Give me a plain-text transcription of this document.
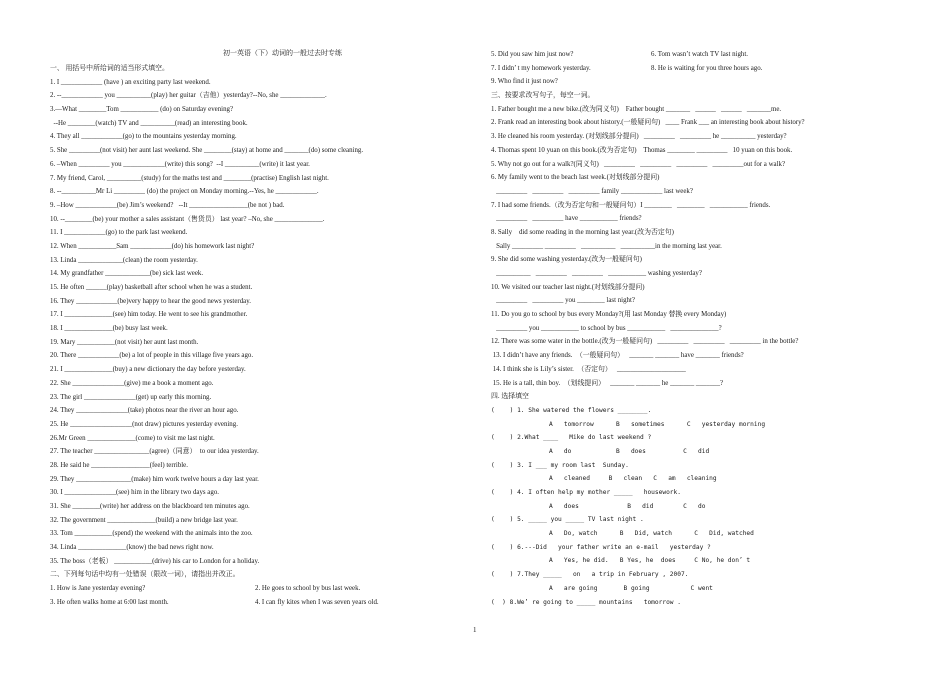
初一英语（下）动词的一般过去时专练
一、 用括号中所给词的适当形式填空。
1. I ____________ (have ) an exciting party last weekend.
2. --____________ you __________(play) her guitar（吉他）yesterday?--No, she _____________.
3.—What ________Tom ___________ (do) on Saturday evening?
--He ________(watch) TV and __________(read) an interesting book.
4. They all ____________(go) to the mountains yesterday morning.
5. She _________(not visit) her aunt last weekend. She ________(stay) at home and _______(do) some cleaning.
6. –When _________ you ____________(write) this song?  --I __________(write) it last year.
7. My friend, Carol, __________(study) for the maths test and ________(practise) English last night.
8. --__________Mr Li _________ (do) the project on Monday morning.--Yes, he ____________.
9. –How ____________(be) Jim’s weekend?   --It _________________(be not ) bad.
10. --________(be) your mother a sales assistant（售货员） last year? –No, she ______________.
11. I ____________(go) to the park last weekend.
12. When ___________Sam ____________(do) his homework last night?
13. Linda _____________(clean) the room yesterday.
14. My grandfather _____________(be) sick last week.
15. He often ______(play) basketball after school when he was a student.
16. They ____________(be)very happy to hear the good news yesterday.
17. I ______________(see) him today. He went to see his grandmother.
18. I ______________(be) busy last week.
19. Mary ___________(not visit) her aunt last month.
20. There ____________(be) a lot of people in this village five years ago.
21. I ______________(buy) a new dictionary the day before yesterday.
22. She _______________(give) me a book a moment ago.
23. The girl _______________(get) up early this morning.
24. They _______________(take) photos near the river an hour ago.
25. He __________________(not draw) pictures yesterday evening.
26.Mr Green ______________(come) to visit me last night.
27. The teacher ________________(agree)（同意）  to our idea yesterday.
28. He said he _________________(feel) terrible.
29. They ________________(make) him work twelve hours a day last year.
30. I _______________(see) him in the library two days ago.
31. She ________(write) her address on the blackboard ten minutes ago.
32. The government ______________(build) a new bridge last year.
33. Tom ___________(spend) the weekend with the animals into the zoo.
34. Linda ______________(know) the bad news right now.
35. The boss（老板） ___________(drive) his car to London for a holiday.
二、下列每句话中均有一处错误（限改一词），请指出并改正。
1. How is Jane yesterday evening?	2. He goes to school by bus last week.
3. He often walks home at 6:00 last month.	4. I can fly kites when I was seven years old.
5. Did you saw him just now?	6. Tom wasn’t watch TV last night.
7. I didn’ t my homework yesterday.	8. He is waiting for you three hours ago.
9. Who find it just now?
三、按要求改写句子，每空一词。
1. Father bought me a new bike.(改为同义句)    Father bought _______   ______   ______   _______me.
2. Frank read an interesting book about history.(一般疑问句)   ____ Frank ___ an interesting book about history?
3. He cleaned his room yesterday. (对划线部分提问)   _________   _________ he __________ yesterday?
4. Thomas spent 10 yuan on this book.(改为否定句)    Thomas ________ _________   10 yuan on this book.
5. Why not go out for a walk?(同义句)   _________   _________   _________   _________out for a walk?
6. My family went to the beach last week.(对划线部分提问)
_________   _________   _________ family ____________ last week?
7. I had some friends.（改为否定句和一般疑问句）I ________   ________   ___________ friends.
_________   _________ have ___________ friends?
8. Sally    did some reading in the morning last year.(改为否定句)
Sally _________ _________   __________   __________in the morning last year.
9. She did some washing yesterday.(改为一般疑问句)
__________   _________   _________   ___________ washing yesterday?
10. We visited our teacher last night.(对划线部分提问)
_________   _________ you ________ last night?
11. Do you go to school by bus every Monday?(用 last Monday 替换 every Monday)
_________ you ___________ to school by bus ___________   ______________?
12. There was some water in the bottle.(改为一般疑问句)   _________   _________   _________ in the bottle?
13. I didn’t have any friends.  （一般疑问句）   _______ _______ have _______ friends?
14. I think she is Lily’s sister.  （否定句）   ____________________
15. He is a tall, thin boy.  （划线提问）   _______ _______ he _______ _______?
四. 选择填空
(    ) 1. She watered the flowers ________.
A   tomorrow      B   sometimes      C   yesterday morning
(    ) 2.What ____   Mike do last weekend ?
A   do            B   does          C   did
(    ) 3. I ___ my room last  Sunday.
A   cleaned     B   clean   C   am   cleaning
(    ) 4. I often help my mother _____   housework.
A   does             B   did        C   do
(    ) 5. _____ you _____ TV last night .
A   Do, watch      B   Did, watch      C   Did, watched
(    ) 6.---Did   your father write an e-mail   yesterday ?
A   Yes, he did.   B Yes, he  does     C No, he don’ t
(    ) 7.They _____   on   a trip in February , 2007.
A   are going       B going           C went
(  ) 8.We’ re going to _____ mountains   tomorrow .
1
